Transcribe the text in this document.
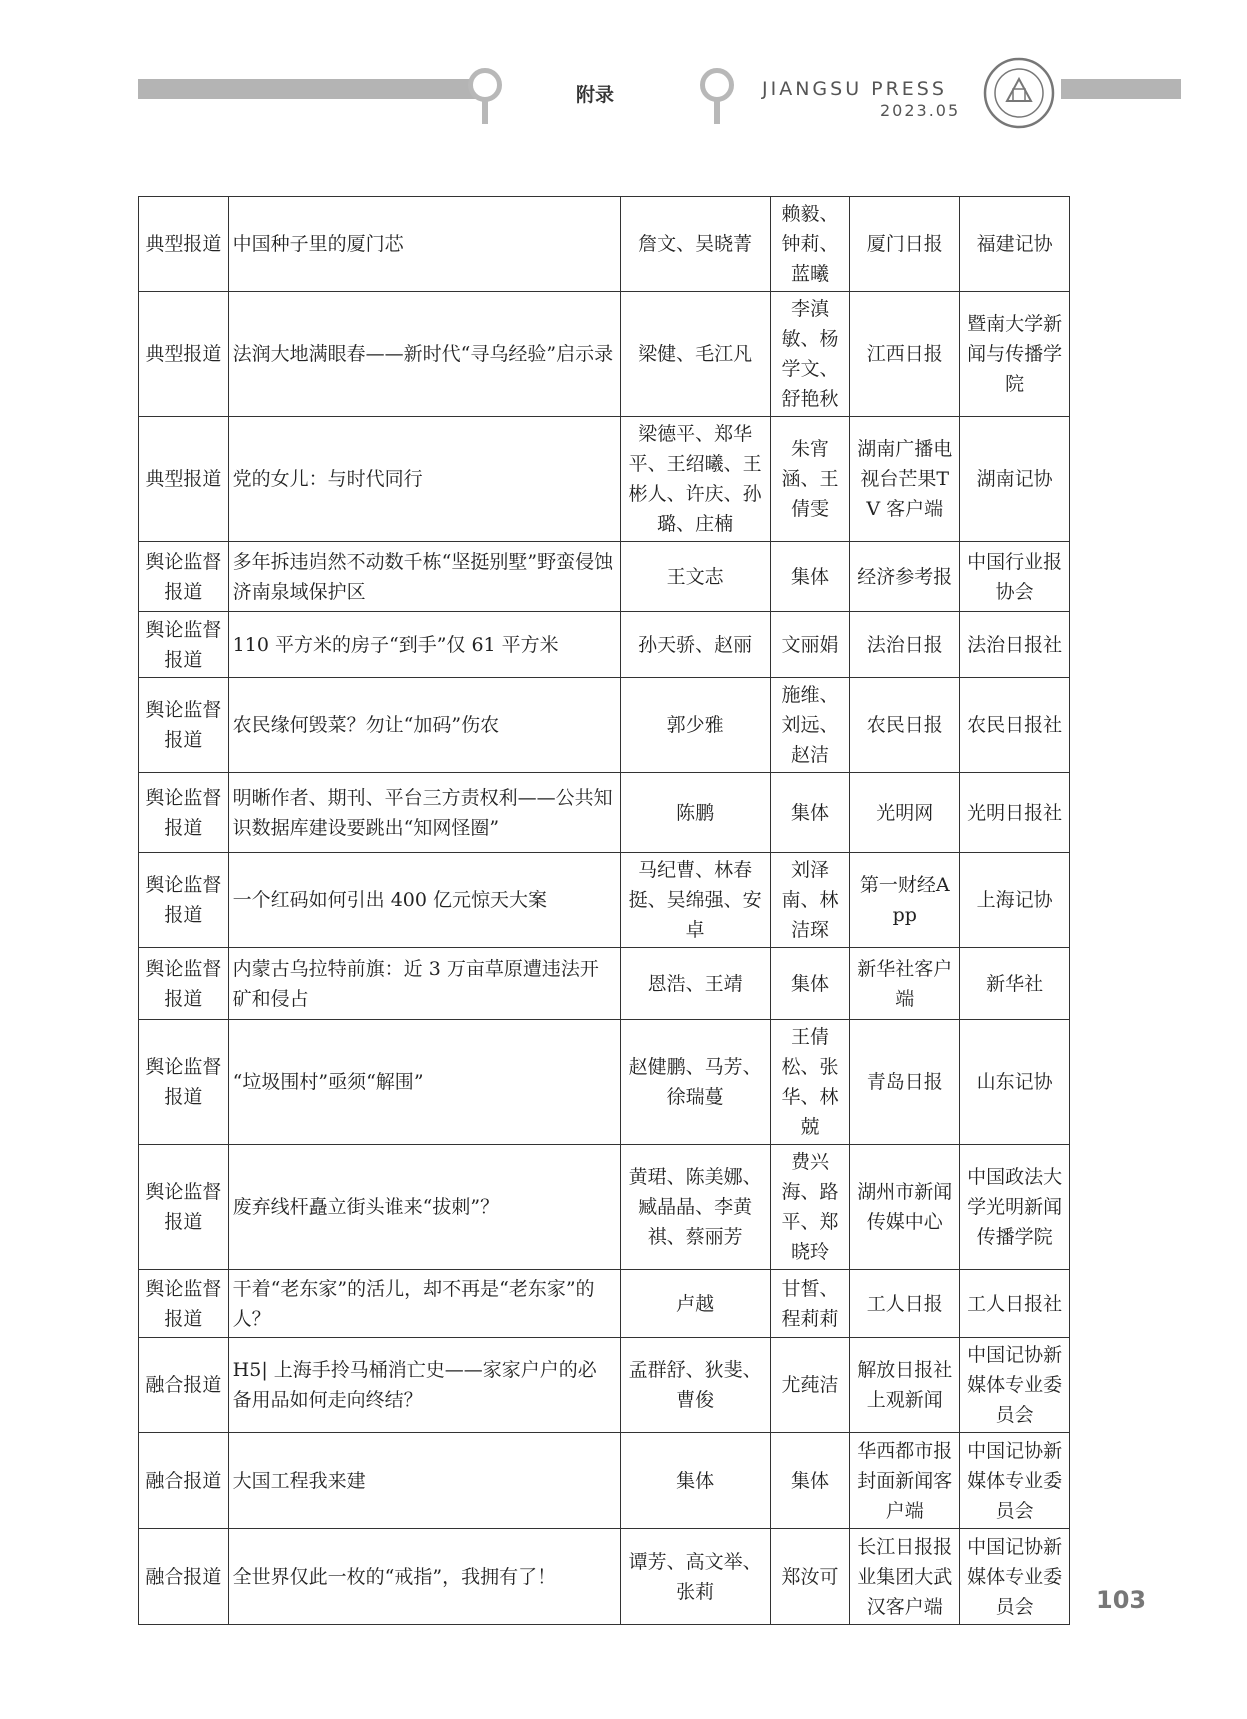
附录	JIANGSU PRESS
2023.05
典型报道	中国种子里的厦门芯	詹文、吴晓菁	赖毅、钟莉、蓝曦	厦门日报	福建记协
典型报道	法润大地满眼春——新时代“寻乌经验”启示录	梁健、毛江凡	李滇敏、杨学文、舒艳秋	江西日报	暨南大学新闻与传播学院
典型报道	党的女儿：与时代同行	梁德平、郑华平、王绍曦、王彬人、许庆、孙璐、庄楠	朱宵涵、王倩雯	湖南广播电视台芒果TV 客户端	湖南记协
舆论监督报道	多年拆违岿然不动数千栋“坚挺别墅”野蛮侵蚀济南泉域保护区	王文志	集体	经济参考报	中国行业报协会
舆论监督报道	110 平方米的房子“到手”仅 61 平方米	孙天骄、赵丽	文丽娟	法治日报	法治日报社
舆论监督报道	农民缘何毁菜？勿让“加码”伤农	郭少雅	施维、刘远、赵洁	农民日报	农民日报社
舆论监督报道	明晰作者、期刊、平台三方责权利——公共知识数据库建设要跳出“知网怪圈”	陈鹏	集体	光明网	光明日报社
舆论监督报道	一个红码如何引出 400 亿元惊天大案	马纪曹、林春挺、吴绵强、安卓	刘泽南、林洁琛	第一财经App	上海记协
舆论监督报道	内蒙古乌拉特前旗：近 3 万亩草原遭违法开矿和侵占	恩浩、王靖	集体	新华社客户端	新华社
舆论监督报道	“垃圾围村”亟须“解围”	赵健鹏、马芳、徐瑞蔓	王倩松、张华、林兢	青岛日报	山东记协
舆论监督报道	废弃线杆矗立街头谁来“拔刺”？	黄珺、陈美娜、臧晶晶、李黄祺、蔡丽芳	费兴海、路平、郑晓玲	湖州市新闻传媒中心	中国政法大学光明新闻传播学院
舆论监督报道	干着“老东家”的活儿，却不再是“老东家”的人？	卢越	甘皙、程莉莉	工人日报	工人日报社
融合报道	H5| 上海手拎马桶消亡史——家家户户的必备用品如何走向终结？	孟群舒、狄斐、曹俊	尤莼洁	解放日报社上观新闻	中国记协新媒体专业委员会
融合报道	大国工程我来建	集体	集体	华西都市报封面新闻客户端	中国记协新媒体专业委员会
融合报道	全世界仅此一枚的“戒指”，我拥有了！	谭芳、高文举、张莉	郑汝可	长江日报报业集团大武汉客户端	中国记协新媒体专业委员会	103
